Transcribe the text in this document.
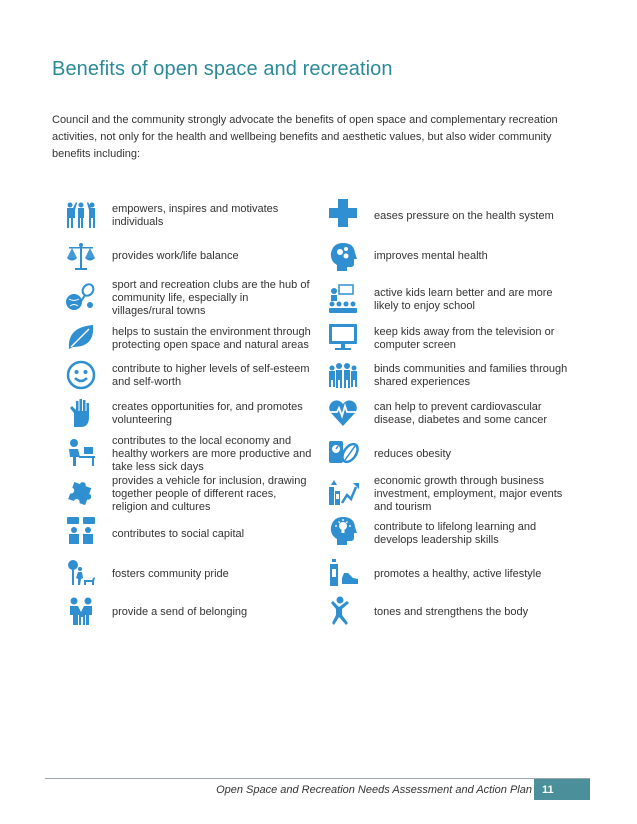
Benefits of open space and recreation

Council and the community strongly advocate the benefits of open space and complementary recreation activities, not only for the health and wellbeing benefits and aesthetic values, but also wider community benefits including:

empowers, inspires and motivates individuals
provides work/life balance
sport and recreation clubs are the hub of community life, especially in villages/rural towns
helps to sustain the environment through protecting open space and natural areas
contribute to higher levels of self-esteem and self-worth
creates opportunities for, and promotes volunteering
contributes to the local economy and healthy workers are more productive and take less sick days
provides a vehicle for inclusion, drawing together people of different races, religion and cultures
contributes to social capital
fosters community pride
provide a send of belonging
eases pressure on the health system
improves mental health
active kids learn better and are more likely to enjoy school
keep kids away from the television or computer screen
binds communities and families through shared experiences
can help to prevent cardiovascular disease, diabetes and some cancer
reduces obesity
economic growth through business investment, employment, major events and tourism
contribute to lifelong learning and develops leadership skills
promotes a healthy, active lifestyle
tones and strengthens the body
Open Space and Recreation Needs Assessment and Action Plan 11
